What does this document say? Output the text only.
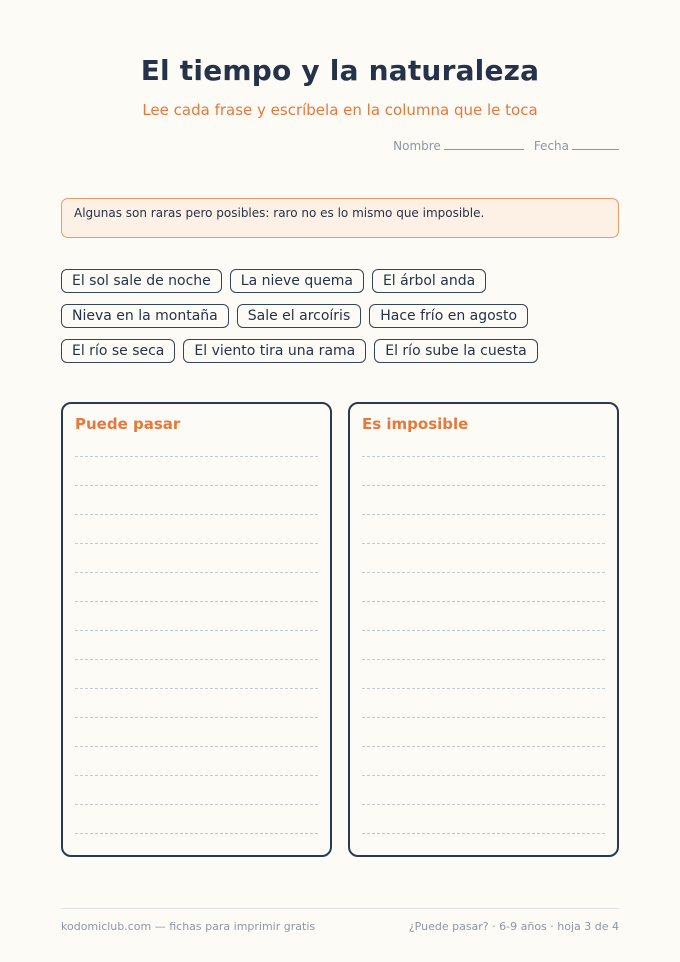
El tiempo y la naturaleza
Lee cada frase y escríbela en la columna que le toca
Nombre	Fecha
Algunas son raras pero posibles: raro no es lo mismo que imposible.
El sol sale de noche	La nieve quema	El árbol anda
Nieva en la montaña	Sale el arcoíris	Hace frío en agosto
El río se seca	El viento tira una rama	El río sube la cuesta
Puede pasar	Es imposible
kodomiclub.com — fichas para imprimir gratis	¿Puede pasar? · 6-9 años · hoja 3 de 4
